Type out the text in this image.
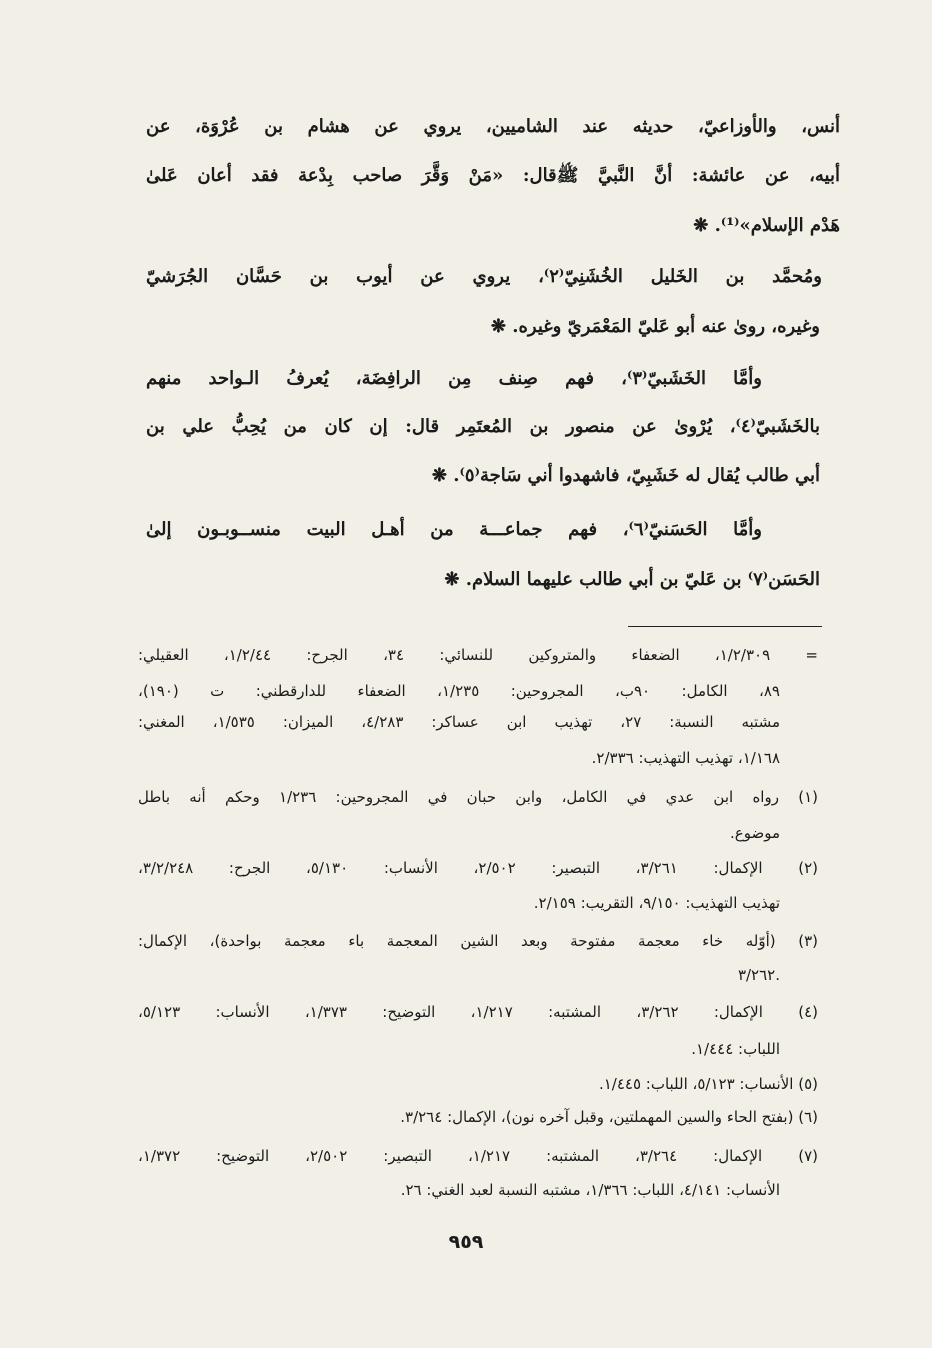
أنس، والأوزاعيّ، حديثه عند الشاميين، يروي عن هشام بن عُرْوَة، عن
أبيه، عن عائشة: أنَّ النَّبيَّ ﷺقال: «مَنْ وَقَّرَ صاحب بِدْعة فقد أعان عَلىٰ
هَدْم الإسلام»⁽¹⁾. ❋
ومُحمَّد بن الخَليل الخُشَنِيّ⁽٢⁾، يروي عن أيوب بن حَسَّان الجُرَشيّ
وغيره، رویٰ عنه أبو عَليّ المَعْمَريّ وغيره. ❋
وأمَّا الخَشَبيّ⁽٣⁾، فهم صِنف مِن الرافِضَة، يُعرفُ الـواحد منهم
بالخَشَبيّ⁽٤⁾، يُرْوىٰ عن منصور بن المُعتَمِر قال: إن كان من يُحِبُّ علي بن
أبي طالب يُقال له خَشَبِيّ، فاشهدوا أني سَاجة⁽٥⁾. ❋
وأمَّا الحَسَنيّ⁽٦⁾، فهم جماعـــة من أهـل البيت منســوبـون إلىٰ
الحَسَن⁽٧⁾ بن عَليّ بن أبي طالب عليهما السلام. ❋
= ١/٢/٣٠٩، الضعفاء والمتروكين للنسائي: ٣٤، الجرح: ١/٢/٤٤، العقيلي:
٨٩، الكامل: ٩٠ب، المجروحين: ١/٢٣٥، الضعفاء للدارقطني: ت (١٩٠)،
مشتبه النسبة: ٢٧، تهذيب ابن عساكر: ٤/٢٨٣، الميزان: ١/٥٣٥، المغني:
١/١٦٨، تهذيب التهذيب: ٢/٣٣٦.
(١) رواه ابن عدي في الكامل، وابن حبان في المجروحين: ١/٢٣٦ وحكم أنه باطل
موضوع.
(٢) الإكمال: ٣/٢٦١، التبصير: ٢/٥٠٢، الأنساب: ٥/١٣٠، الجرح: ٣/٢/٢٤٨،
تهذيب التهذيب: ٩/١٥٠، التقريب: ٢/١٥٩.
(٣) (أوّله خاء معجمة مفتوحة وبعد الشين المعجمة باء معجمة بواحدة)، الإكمال:
٣/٢٦٢.
(٤) الإكمال: ٣/٢٦٢، المشتبه: ١/٢١٧، التوضيح: ١/٣٧٣، الأنساب: ٥/١٢٣،
اللباب: ١/٤٤٤.
(٥) الأنساب: ٥/١٢٣، اللباب: ١/٤٤٥.
(٦) (بفتح الحاء والسين المهملتين، وقبل آخره نون)، الإكمال: ٣/٢٦٤.
(٧) الإكمال: ٣/٢٦٤، المشتبه: ١/٢١٧، التبصير: ٢/٥٠٢، التوضيح: ١/٣٧٢،
الأنساب: ٤/١٤١، اللباب: ١/٣٦٦، مشتبه النسبة لعبد الغني: ٢٦.
٩٥٩
